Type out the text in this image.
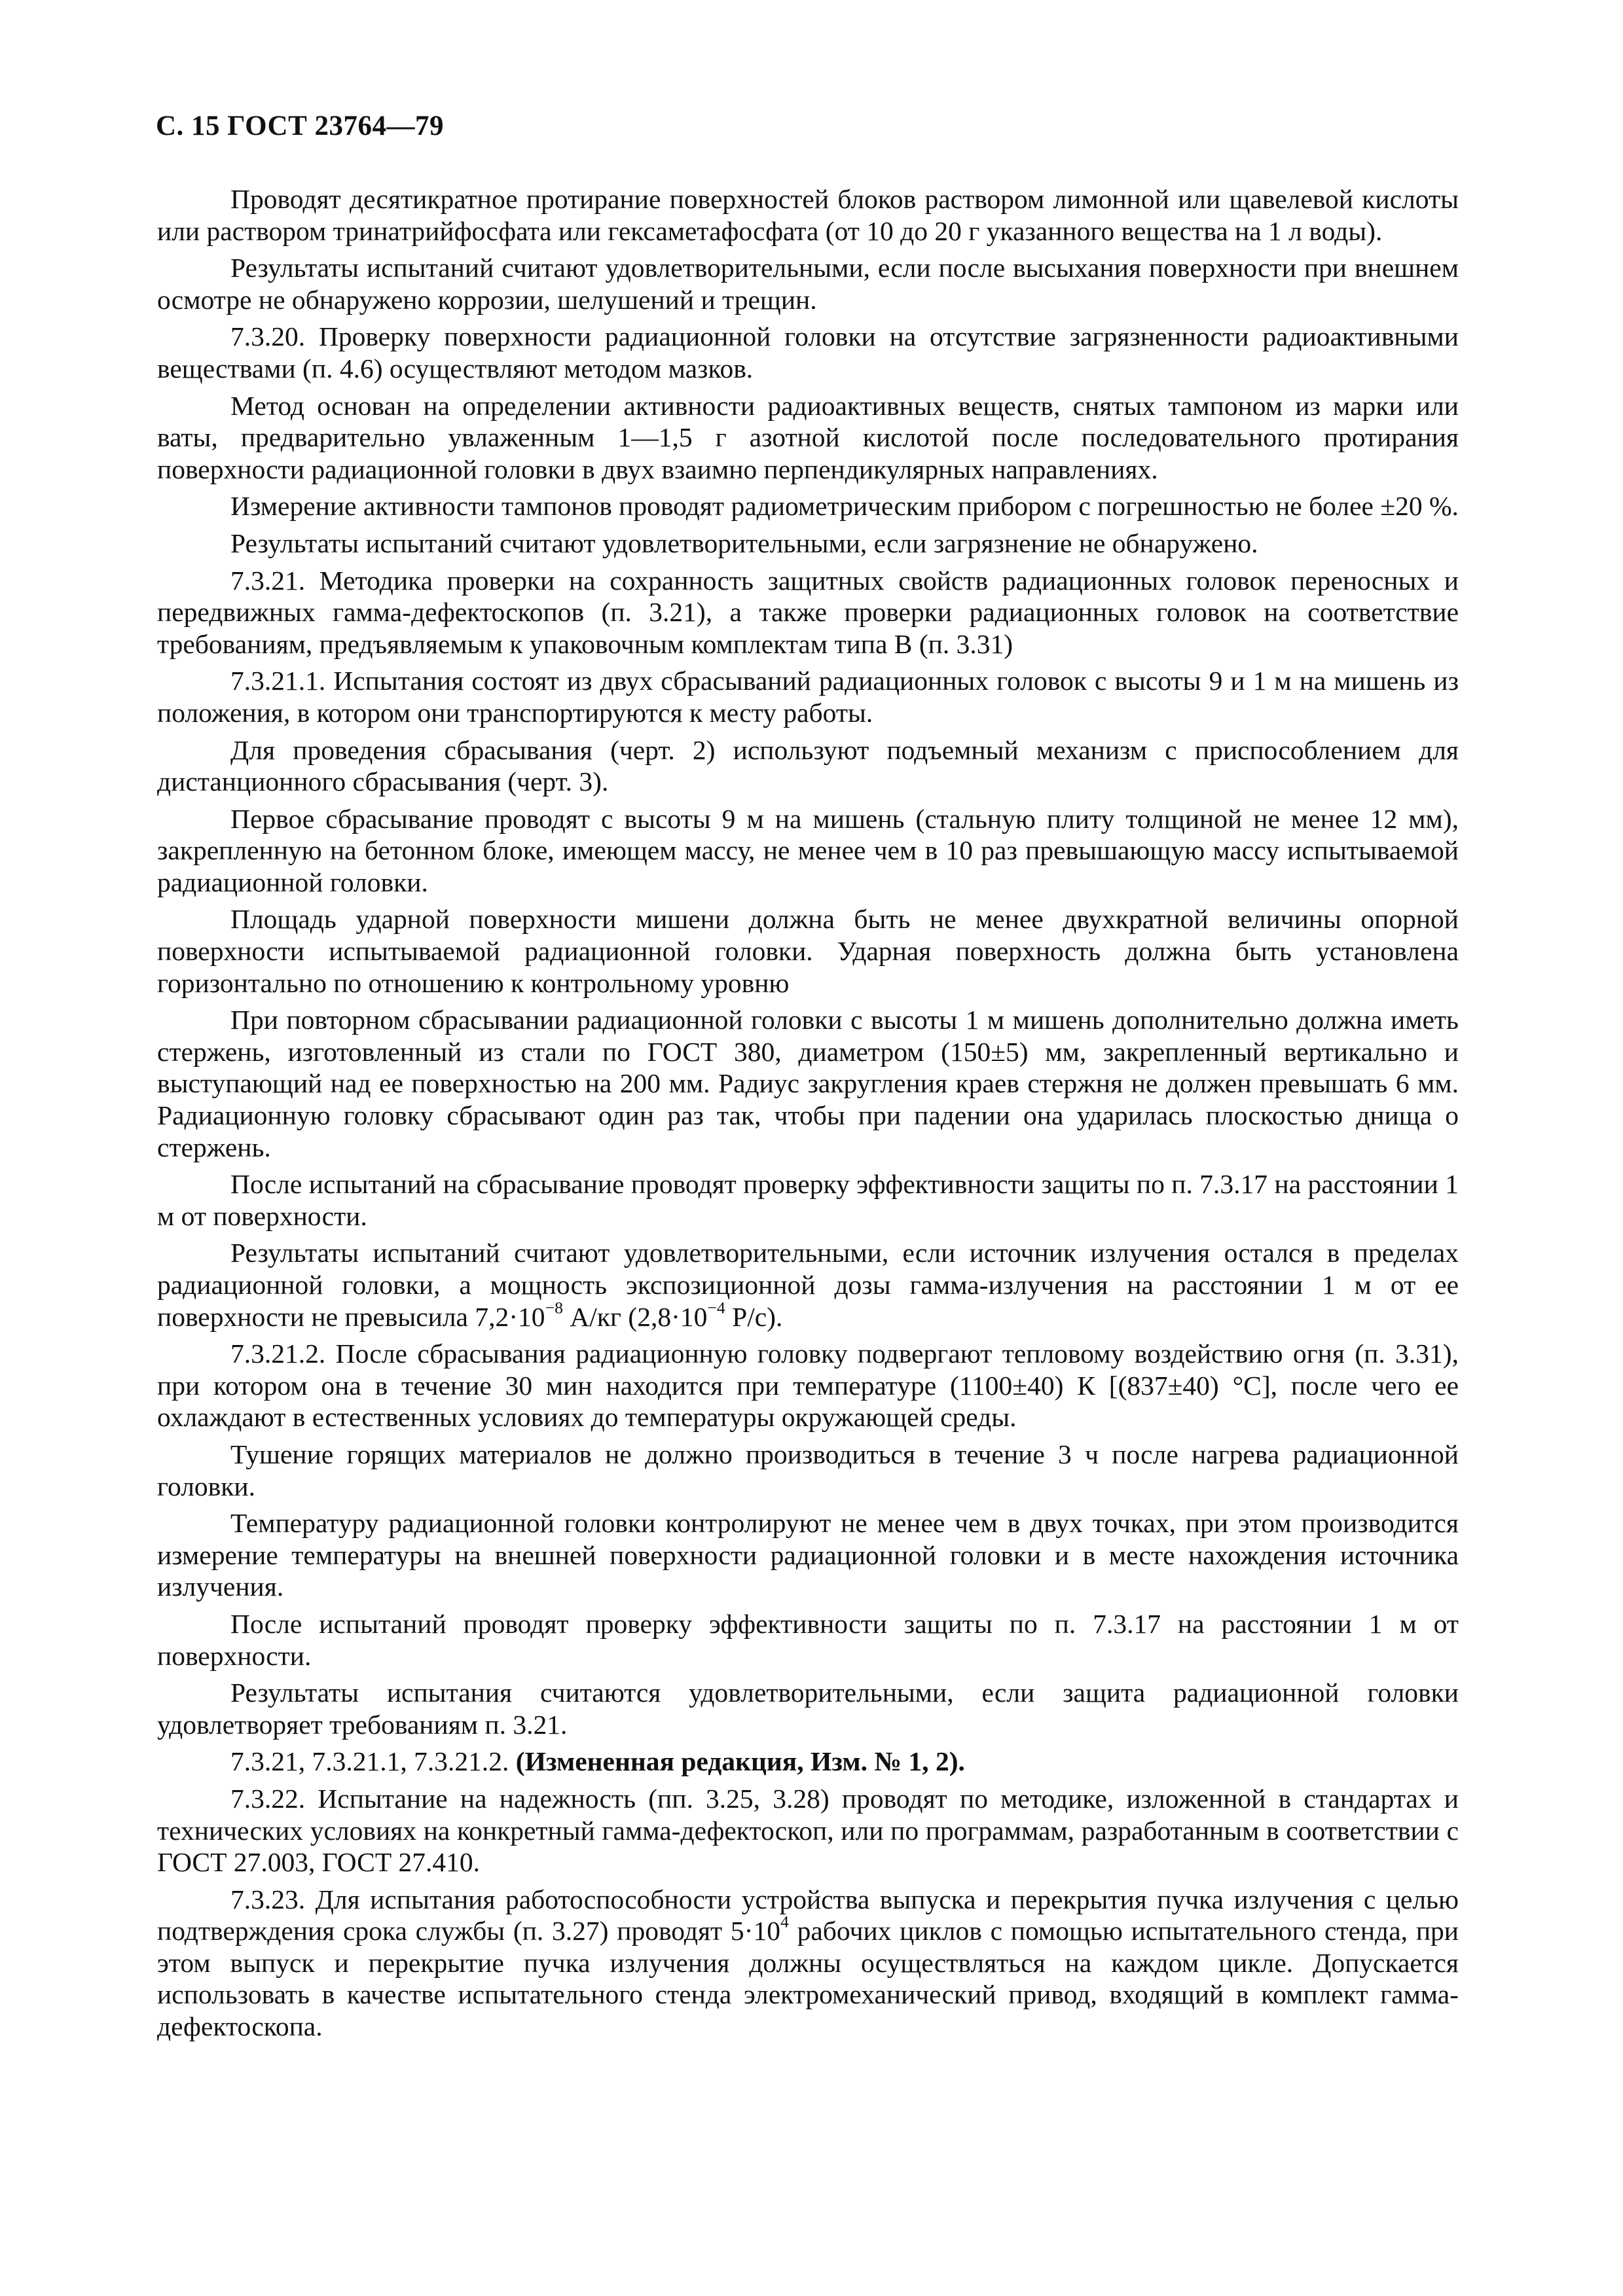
С. 15 ГОСТ 23764—79

Проводят десятикратное протирание поверхностей блоков раствором лимонной или щавелевой кислоты или раствором тринатрийфосфата или гексаметафосфата (от 10 до 20 г указанного вещества на 1 л воды).

Результаты испытаний считают удовлетворительными, если после высыхания поверхности при внешнем осмотре не обнаружено коррозии, шелушений и трещин.

7.3.20. Проверку поверхности радиационной головки на отсутствие загрязненности радиоактивными веществами (п. 4.6) осуществляют методом мазков.

Метод основан на определении активности радиоактивных веществ, снятых тампоном из марки или ваты, предварительно увлаженным 1—1,5 г азотной кислотой после последовательного протирания поверхности радиационной головки в двух взаимно перпендикулярных направлениях.

Измерение активности тампонов проводят радиометрическим прибором с погрешностью не более ±20 %.

Результаты испытаний считают удовлетворительными, если загрязнение не обнаружено.

7.3.21. Методика проверки на сохранность защитных свойств радиационных головок переносных и передвижных гамма-дефектоскопов (п. 3.21), а также проверки радиационных головок на соответствие требованиям, предъявляемым к упаковочным комплектам типа В (п. 3.31)

7.3.21.1. Испытания состоят из двух сбрасываний радиационных головок с высоты 9 и 1 м на мишень из положения, в котором они транспортируются к месту работы.

Для проведения сбрасывания (черт. 2) используют подъемный механизм с приспособлением для дистанционного сбрасывания (черт. 3).

Первое сбрасывание проводят с высоты 9 м на мишень (стальную плиту толщиной не менее 12 мм), закрепленную на бетонном блоке, имеющем массу, не менее чем в 10 раз превышающую массу испытываемой радиационной головки.

Площадь ударной поверхности мишени должна быть не менее двухкратной величины опорной поверхности испытываемой радиационной головки. Ударная поверхность должна быть установлена горизонтально по отношению к контрольному уровню

При повторном сбрасывании радиационной головки с высоты 1 м мишень дополнительно должна иметь стержень, изготовленный из стали по ГОСТ 380, диаметром (150±5) мм, закрепленный вертикально и выступающий над ее поверхностью на 200 мм. Радиус закругления краев стержня не должен превышать 6 мм. Радиационную головку сбрасывают один раз так, чтобы при падении она ударилась плоскостью днища о стержень.

После испытаний на сбрасывание проводят проверку эффективности защиты по п. 7.3.17 на расстоянии 1 м от поверхности.

Результаты испытаний считают удовлетворительными, если источник излучения остался в пределах радиационной головки, а мощность экспозиционной дозы гамма-излучения на расстоянии 1 м от ее поверхности не превысила $7,2\cdot 10^{-8}$ А/кг ($2,8\cdot 10^{-4}$ Р/с).

7.3.21.2. После сбрасывания радиационную головку подвергают тепловому воздействию огня (п. 3.31), при котором она в течение 30 мин находится при температуре (1100±40) К [(837±40) °С], после чего ее охлаждают в естественных условиях до температуры окружающей среды.

Тушение горящих материалов не должно производиться в течение 3 ч после нагрева радиационной головки.

Температуру радиационной головки контролируют не менее чем в двух точках, при этом производится измерение температуры на внешней поверхности радиационной головки и в месте нахождения источника излучения.

После испытаний проводят проверку эффективности защиты по п. 7.3.17 на расстоянии 1 м от поверхности.

Результаты испытания считаются удовлетворительными, если защита радиационной головки удовлетворяет требованиям п. 3.21.

7.3.21, 7.3.21.1, 7.3.21.2. (Измененная редакция, Изм. № 1, 2).

7.3.22. Испытание на надежность (пп. 3.25, 3.28) проводят по методике, изложенной в стандартах и технических условиях на конкретный гамма-дефектоскоп, или по программам, разработанным в соответствии с ГОСТ 27.003, ГОСТ 27.410.

7.3.23. Для испытания работоспособности устройства выпуска и перекрытия пучка излучения с целью подтверждения срока службы (п. 3.27) проводят $5\cdot 10^4$ рабочих циклов с помощью испытательного стенда, при этом выпуск и перекрытие пучка излучения должны осуществляться на каждом цикле. Допускается использовать в качестве испытательного стенда электромеханический привод, входящий в комплект гамма-дефектоскопа.
